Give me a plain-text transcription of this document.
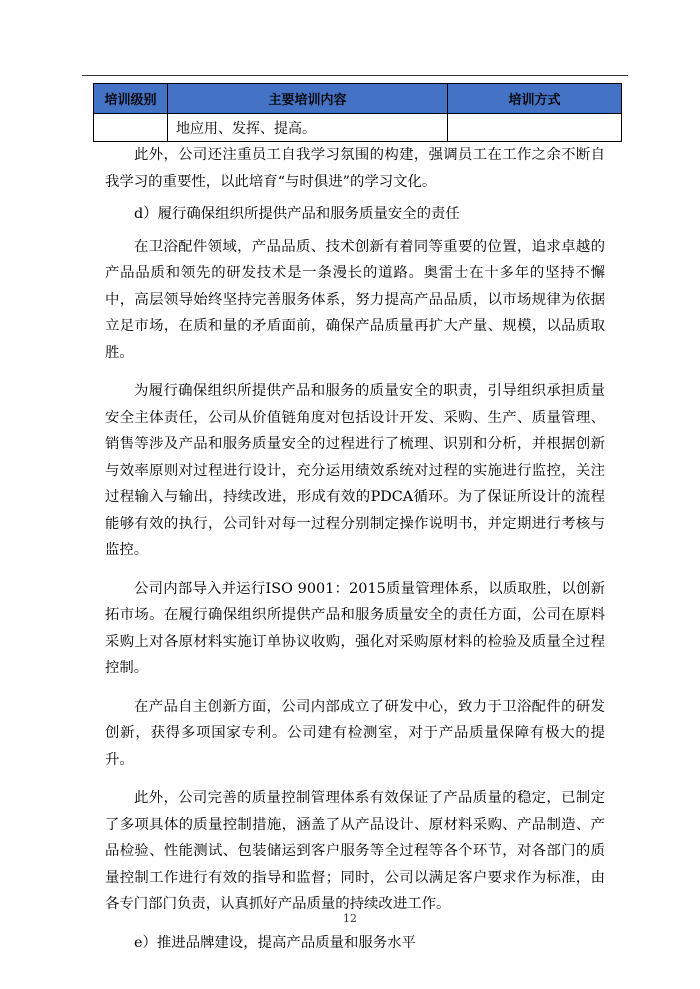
培训级别	主要培训内容	培训方式
	地应用、发挥、提高。	

此外，公司还注重员工自我学习氛围的构建，强调员工在工作之余不断自我学习的重要性，以此培育“与时俱进”的学习文化。

d）履行确保组织所提供产品和服务质量安全的责任

在卫浴配件领域，产品品质、技术创新有着同等重要的位置，追求卓越的产品品质和领先的研发技术是一条漫长的道路。奥雷士在十多年的坚持不懈中，高层领导始终坚持完善服务体系，努力提高产品品质，以市场规律为依据立足市场，在质和量的矛盾面前，确保产品质量再扩大产量、规模，以品质取胜。

为履行确保组织所提供产品和服务的质量安全的职责，引导组织承担质量安全主体责任，公司从价值链角度对包括设计开发、采购、生产、质量管理、销售等涉及产品和服务质量安全的过程进行了梳理、识别和分析，并根据创新与效率原则对过程进行设计，充分运用绩效系统对过程的实施进行监控，关注过程输入与输出，持续改进，形成有效的PDCA循环。为了保证所设计的流程能够有效的执行，公司针对每一过程分别制定操作说明书，并定期进行考核与监控。

公司内部导入并运行ISO 9001：2015质量管理体系，以质取胜，以创新拓市场。在履行确保组织所提供产品和服务质量安全的责任方面，公司在原料采购上对各原材料实施订单协议收购，强化对采购原材料的检验及质量全过程控制。

在产品自主创新方面，公司内部成立了研发中心，致力于卫浴配件的研发创新，获得多项国家专利。公司建有检测室，对于产品质量保障有极大的提升。

此外，公司完善的质量控制管理体系有效保证了产品质量的稳定，已制定了多项具体的质量控制措施，涵盖了从产品设计、原材料采购、产品制造、产品检验、性能测试、包装储运到客户服务等全过程等各个环节，对各部门的质量控制工作进行有效的指导和监督；同时，公司以满足客户要求作为标准，由各专门部门负责，认真抓好产品质量的持续改进工作。

e）推进品牌建设，提高产品质量和服务水平

12
